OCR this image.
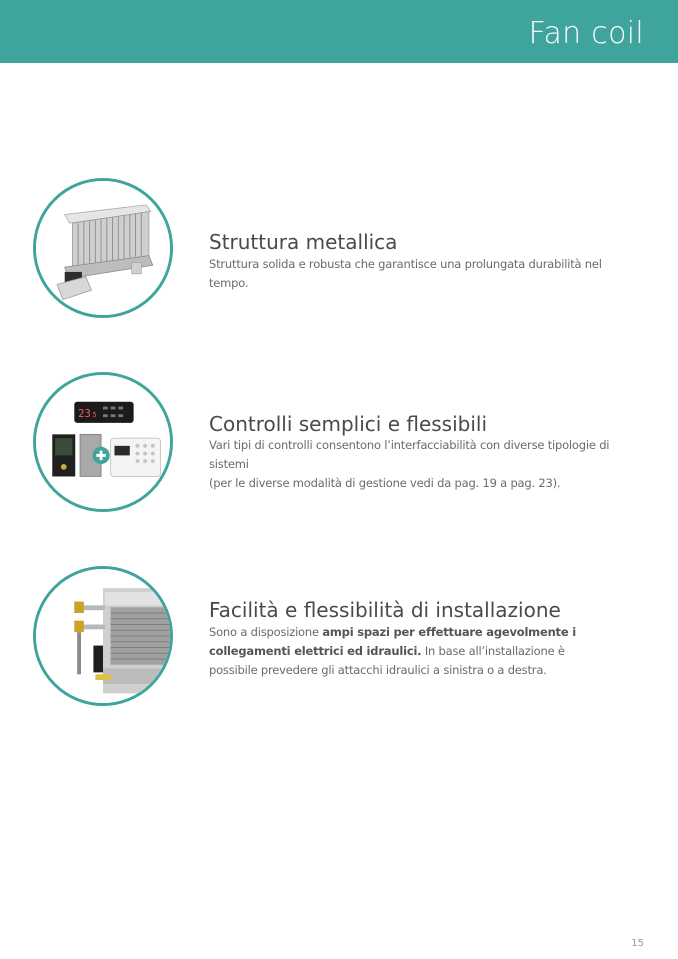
Fan coil
Struttura metallica
Struttura solida e robusta che garantisce una prolungata durabilità nel tempo.
23 5	Controlli semplici e flessibili
Vari tipi di controlli consentono l’interfacciabilità con diverse tipologie di sistemi
(per le diverse modalità di gestione vedi da pag. 19 a pag. 23).
Facilità e flessibilità di installazione
Sono a disposizione ampi spazi per effettuare agevolmente i collegamenti elettrici ed idraulici. In base all’installazione è possibile prevedere gli attacchi idraulici a sinistra o a destra.
15
